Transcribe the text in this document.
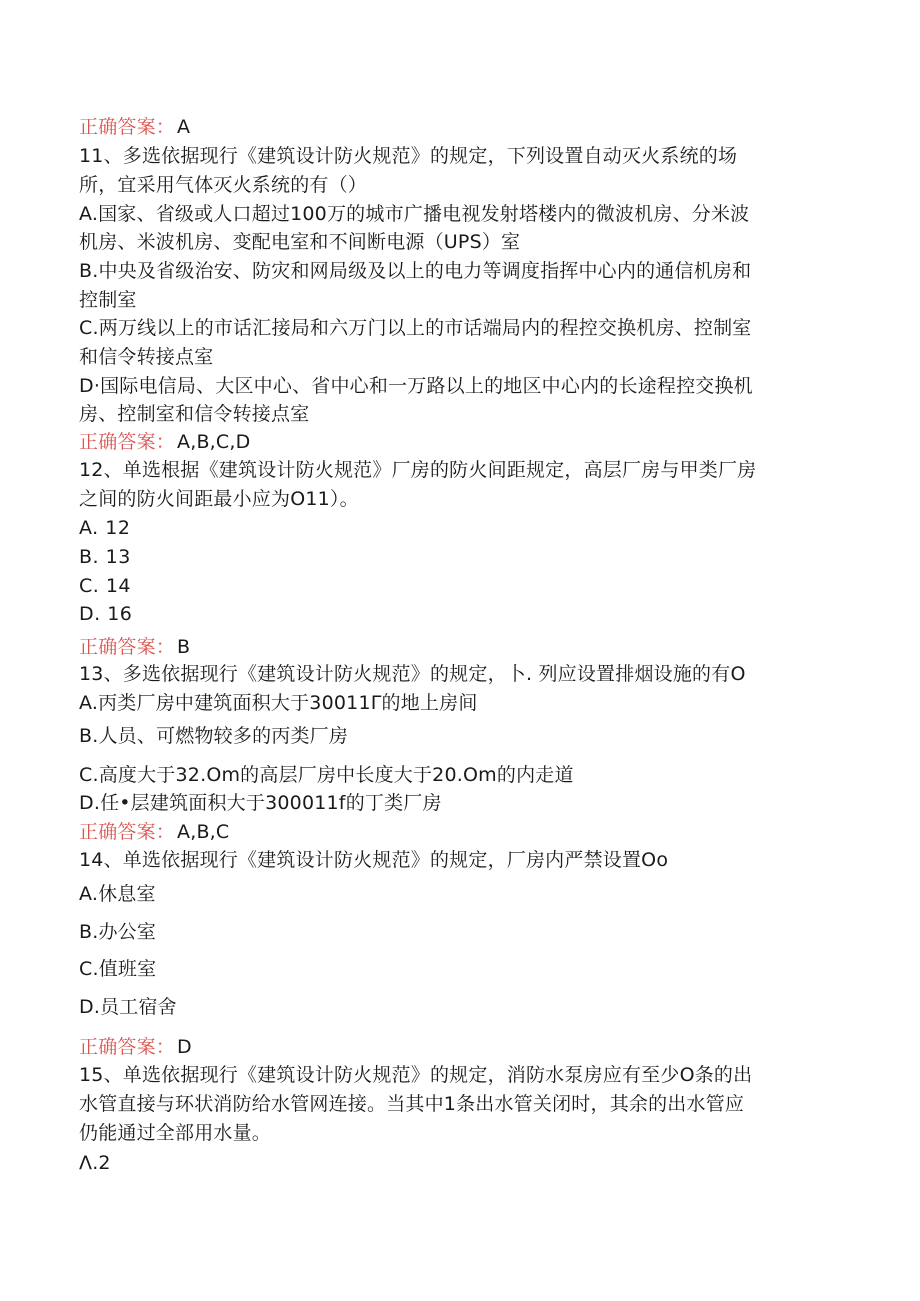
正确答案： A
11、多选依据现行《建筑设计防火规范》的规定，下列设置自动灭火系统的场
所，宜采用气体灭火系统的有（）
A.国家、省级或人口超过100万的城市广播电视发射塔楼内的微波机房、分米波
机房、米波机房、变配电室和不间断电源（UPS）室
B.中央及省级治安、防灾和网局级及以上的电力等调度指挥中心内的通信机房和
控制室
C.两万线以上的市话汇接局和六万门以上的市话端局内的程控交换机房、控制室
和信令转接点室
D·国际电信局、大区中心、省中心和一万路以上的地区中心内的长途程控交换机
房、控制室和信令转接点室
正确答案： A,B,C,D
12、单选根据《建筑设计防火规范》厂房的防火间距规定，高层厂房与甲类厂房
之间的防火间距最小应为O11）。
A. 12
B. 13
C. 14
D. 16
正确答案： B
13、多选依据现行《建筑设计防火规范》的规定，卜. 列应设置排烟设施的有O
A.丙类厂房中建筑面积大于30011Γ的地上房间
B.人员、可燃物较多的丙类厂房
C.高度大于32.Om的高层厂房中长度大于20.Om的内走道
D.任•层建筑面积大于300011f的丁类厂房
正确答案： A,B,C
14、单选依据现行《建筑设计防火规范》的规定，厂房内严禁设置Oo
A.休息室
B.办公室
C.值班室
D.员工宿舍
正确答案： D
15、单选依据现行《建筑设计防火规范》的规定，消防水泵房应有至少O条的出
水管直接与环状消防给水管网连接。当其中1条出水管关闭时，其余的出水管应
仍能通过全部用水量。
Λ.2
